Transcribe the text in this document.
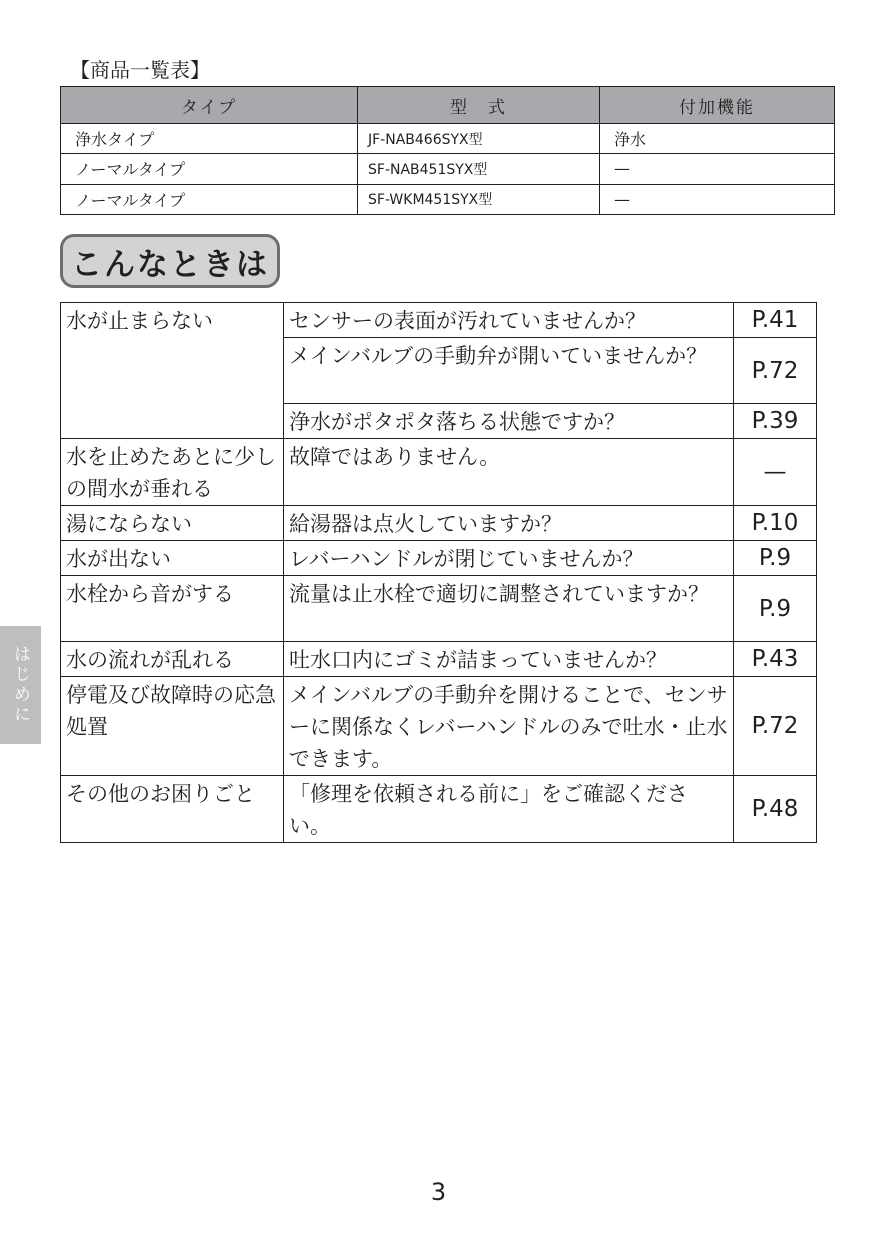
【商品一覧表】
タイプ	型　式	付加機能
浄水タイプ	JF-NAB466SYX型	浄水
ノーマルタイプ	SF-NAB451SYX型	—
ノーマルタイプ	SF-WKM451SYX型	—
こんなときは
水が止まらない	センサーの表面が汚れていませんか？	P.41
	メインバルブの手動弁が開いていませんか？	P.72
	浄水がポタポタ落ちる状態ですか？	P.39
水を止めたあとに少しの間水が垂れる	故障ではありません。	—
湯にならない	給湯器は点火していますか？	P.10
水が出ない	レバーハンドルが閉じていませんか？	P.9
水栓から音がする	流量は止水栓で適切に調整されていますか？	P.9
水の流れが乱れる	吐水口内にゴミが詰まっていませんか？	P.43
停電及び故障時の応急処置	メインバルブの手動弁を開けることで、センサーに関係なくレバーハンドルのみで吐水・止水できます。	P.72
その他のお困りごと	「修理を依頼される前に」をご確認ください。	P.48
はじめに
3
